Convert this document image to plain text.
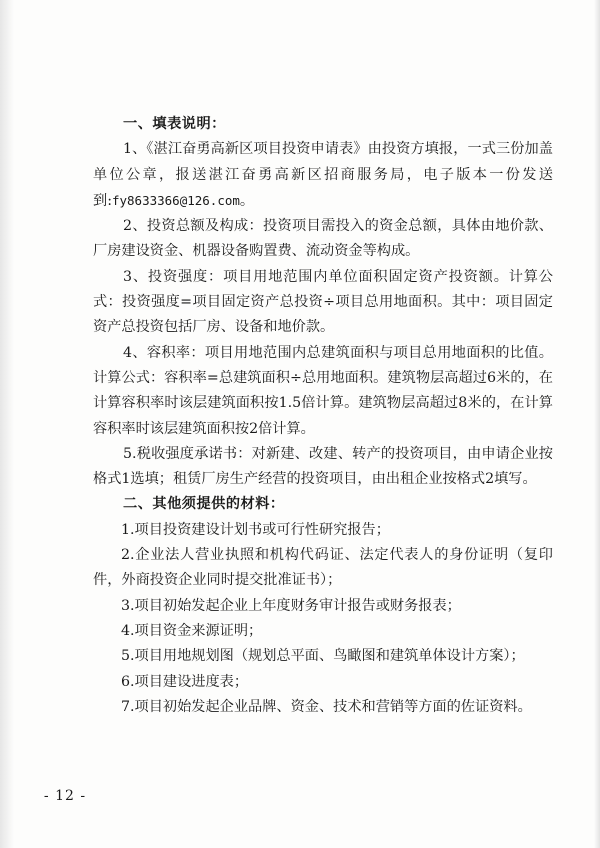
一、填表说明：

1、《湛江奋勇高新区项目投资申请表》由投资方填报，一式三份加盖单位公章，报送湛江奋勇高新区招商服务局，电子版本一份发送到:fy8633366@126.com。

2、投资总额及构成：投资项目需投入的资金总额，具体由地价款、厂房建设资金、机器设备购置费、流动资金等构成。

3、投资强度：项目用地范围内单位面积固定资产投资额。计算公式：投资强度=项目固定资产总投资÷项目总用地面积。其中：项目固定资产总投资包括厂房、设备和地价款。

4、容积率：项目用地范围内总建筑面积与项目总用地面积的比值。计算公式：容积率=总建筑面积÷总用地面积。建筑物层高超过6米的，在计算容积率时该层建筑面积按1.5倍计算。建筑物层高超过8米的，在计算容积率时该层建筑面积按2倍计算。

5.税收强度承诺书：对新建、改建、转产的投资项目，由申请企业按格式1选填；租赁厂房生产经营的投资项目，由出租企业按格式2填写。

二、其他须提供的材料：

1.项目投资建设计划书或可行性研究报告；

2.企业法人营业执照和机构代码证、法定代表人的身份证明（复印件，外商投资企业同时提交批准证书）；

3.项目初始发起企业上年度财务审计报告或财务报表；

4.项目资金来源证明；

5.项目用地规划图（规划总平面、鸟瞰图和建筑单体设计方案）；

6.项目建设进度表；

7.项目初始发起企业品牌、资金、技术和营销等方面的佐证资料。

- 12 -
